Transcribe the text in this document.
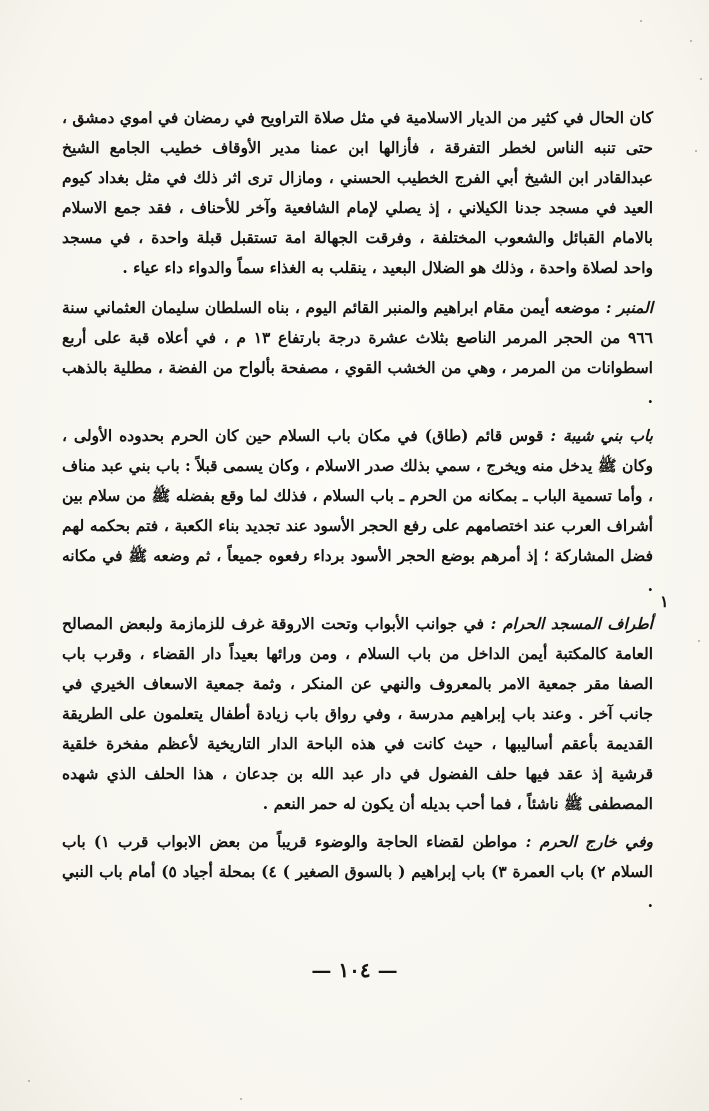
كان الحال في كثير من الديار الاسلامية في مثل صلاة التراويح في رمضان في اموي دمشق ، حتى تنبه الناس لخطر التفرقة ، فأزالها ابن عمنا مدير الأوقاف خطيب الجامع الشيخ عبدالقادر ابن الشيخ أبي الفرج الخطيب الحسني ، ومازال ترى اثر ذلك في مثل بغداد كيوم العيد في مسجد جدنا الكيلاني ، إذ يصلي لإمام الشافعية وآخر للأحناف ، فقد جمع الاسلام بالامام القبائل والشعوب المختلفة ، وفرقت الجهالة امة تستقبل قبلة واحدة ، في مسجد واحد لصلاة واحدة ، وذلك هو الضلال البعيد ، ينقلب به الغذاء سماً والدواء داء عياء .

المنبر : موضعه أيمن مقام ابراهيم والمنبر القائم اليوم ، بناه السلطان سليمان العثماني سنة ٩٦٦ من الحجر المرمر الناصع بثلاث عشرة درجة بارتفاع ١٣ م ، في أعلاه قبة على أربع اسطوانات من المرمر ، وهي من الخشب القوي ، مصفحة بألواح من الفضة ، مطلية بالذهب .

باب بني شيبة : قوس قائم (طاق) في مكان باب السلام حين كان الحرم بحدوده الأولى ، وكان ﷺ يدخل منه ويخرج ، سمي بذلك صدر الاسلام ، وكان يسمى قبلاً : باب بني عبد مناف ، وأما تسمية الباب ـ بمكانه من الحرم ـ باب السلام ، فذلك لما وقع بفضله ﷺ من سلام بين أشراف العرب عند اختصامهم على رفع الحجر الأسود عند تجديد بناء الكعبة ، فتم بحكمه لهم فضل المشاركة ؛ إذ أمرهم بوضع الحجر الأسود برداء رفعوه جميعاً ، ثم وضعه ﷺ في مكانه .

أطراف المسجد الحرام : في جوانب الأبواب وتحت الاروقة غرف للزمازمة ولبعض المصالح العامة كالمكتبة أيمن الداخل من باب السلام ، ومن ورائها بعيداً دار القضاء ، وقرب باب الصفا مقر جمعية الامر بالمعروف والنهي عن المنكر ، وثمة جمعية الاسعاف الخيري في جانب آخر . وعند باب إبراهيم مدرسة ، وفي رواق باب زيادة أطفال يتعلمون على الطريقة القديمة بأعقم أساليبها ، حيث كانت في هذه الباحة الدار التاريخية لأعظم مفخرة خلقية قرشية إذ عقد فيها حلف الفضول في دار عبد الله بن جدعان ، هذا الحلف الذي شهده المصطفى ﷺ ناشئاً ، فما أحب بديله أن يكون له حمر النعم .

وفي خارج الحرم : مواطن لقضاء الحاجة والوضوء قريباً من بعض الابواب قرب ١) باب السلام ٢) باب العمرة ٣) باب إبراهيم ( بالسوق الصغير ) ٤) بمحلة أجياد ٥) أمام باب النبي .

١
— ١٠٤ —
